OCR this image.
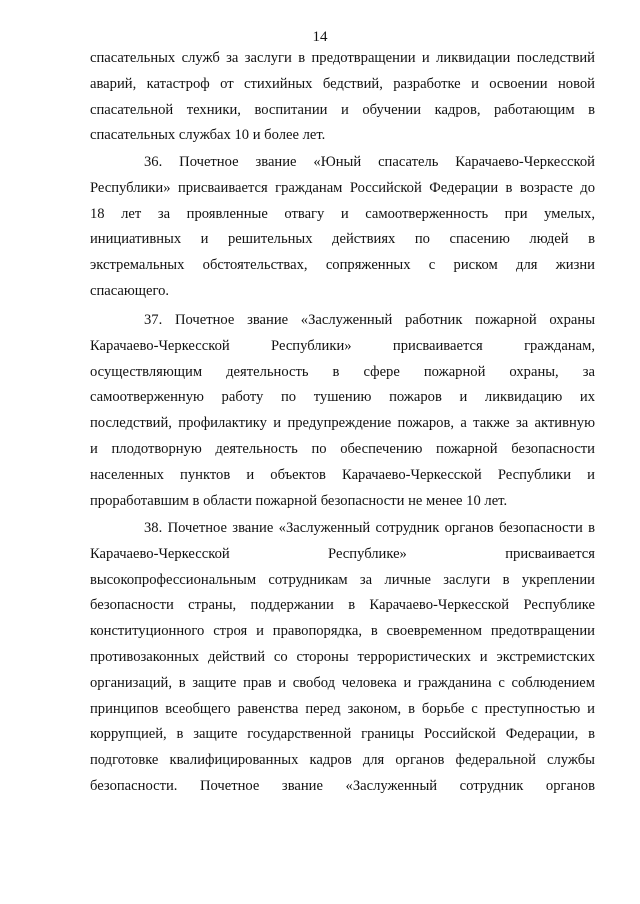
14
спасательных служб за заслуги в предотвращении и ликвидации последствий
аварий, катастроф от стихийных бедствий, разработке и освоении новой
спасательной техники, воспитании и обучении кадров, работающим в
спасательных службах 10 и более лет.
36. Почетное звание «Юный спасатель Карачаево-Черкесской
Республики» присваивается гражданам Российской Федерации в возрасте до
18 лет за проявленные отвагу и самоотверженность при умелых,
инициативных и решительных действиях по спасению людей в
экстремальных обстоятельствах, сопряженных с риском для жизни
спасающего.
37. Почетное звание «Заслуженный работник пожарной охраны
Карачаево-Черкесской Республики» присваивается гражданам,
осуществляющим деятельность в сфере пожарной охраны, за
самоотверженную работу по тушению пожаров и ликвидацию их
последствий, профилактику и предупреждение пожаров, а также за активную
и плодотворную деятельность по обеспечению пожарной безопасности
населенных пунктов и объектов Карачаево-Черкесской Республики и
проработавшим в области пожарной безопасности не менее 10 лет.
38. Почетное звание «Заслуженный сотрудник органов безопасности в
Карачаево-Черкесской Республике» присваивается
высокопрофессиональным сотрудникам за личные заслуги в укреплении
безопасности страны, поддержании в Карачаево-Черкесской Республике
конституционного строя и правопорядка, в своевременном предотвращении
противозаконных действий со стороны террористических и экстремистских
организаций, в защите прав и свобод человека и гражданина с соблюдением
принципов всеобщего равенства перед законом, в борьбе с преступностью и
коррупцией, в защите государственной границы Российской Федерации, в
подготовке квалифицированных кадров для органов федеральной службы
безопасности. Почетное звание «Заслуженный сотрудник органов
